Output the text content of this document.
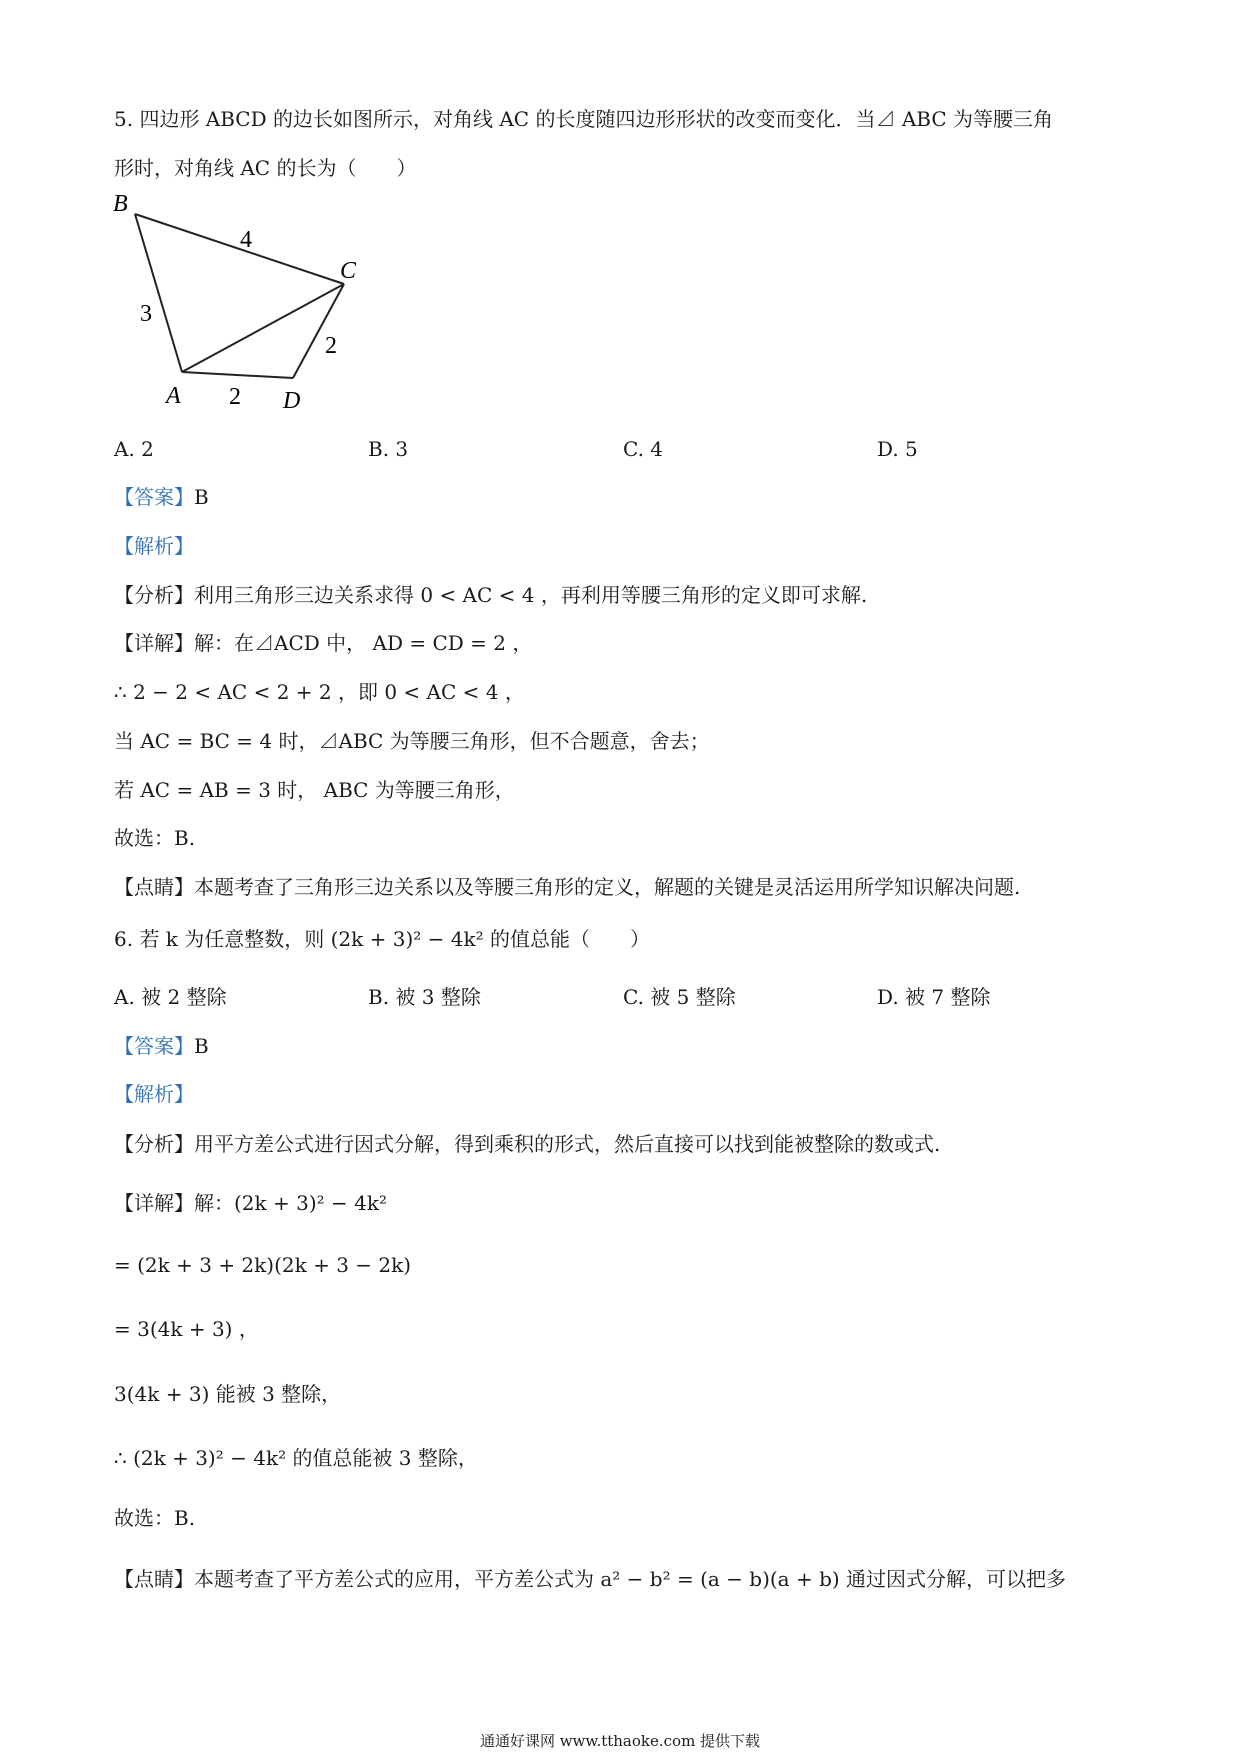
5. 四边形 ABCD 的边长如图所示，对角线 AC 的长度随四边形形状的改变而变化．当⊿ ABC 为等腰三角
形时，对角线 AC 的长为（　　）
B
C
A	D
4
3
2
2
A. 2	B. 3	C. 4	D. 5
【答案】B
【解析】
【分析】利用三角形三边关系求得 0 < AC < 4 ，再利用等腰三角形的定义即可求解.
【详解】解：在⊿ACD 中， AD = CD = 2 ，
∴ 2 − 2 < AC < 2 + 2 ，即 0 < AC < 4 ，
当 AC = BC = 4 时，⊿ABC 为等腰三角形，但不合题意，舍去；
若 AC = AB = 3 时， ABC 为等腰三角形，
故选：B.
【点睛】本题考查了三角形三边关系以及等腰三角形的定义，解题的关键是灵活运用所学知识解决问题.
6. 若 k 为任意整数，则 (2k + 3)² − 4k² 的值总能（　　）
A. 被 2 整除	B. 被 3 整除	C. 被 5 整除	D. 被 7 整除
【答案】B
【解析】
【分析】用平方差公式进行因式分解，得到乘积的形式，然后直接可以找到能被整除的数或式.
【详解】解：(2k + 3)² − 4k²
= (2k + 3 + 2k)(2k + 3 − 2k)
= 3(4k + 3) ，
3(4k + 3) 能被 3 整除，
∴ (2k + 3)² − 4k² 的值总能被 3 整除，
故选：B.
【点睛】本题考查了平方差公式的应用，平方差公式为 a² − b² = (a − b)(a + b) 通过因式分解，可以把多
通通好课网 www.tthaoke.com 提供下载
